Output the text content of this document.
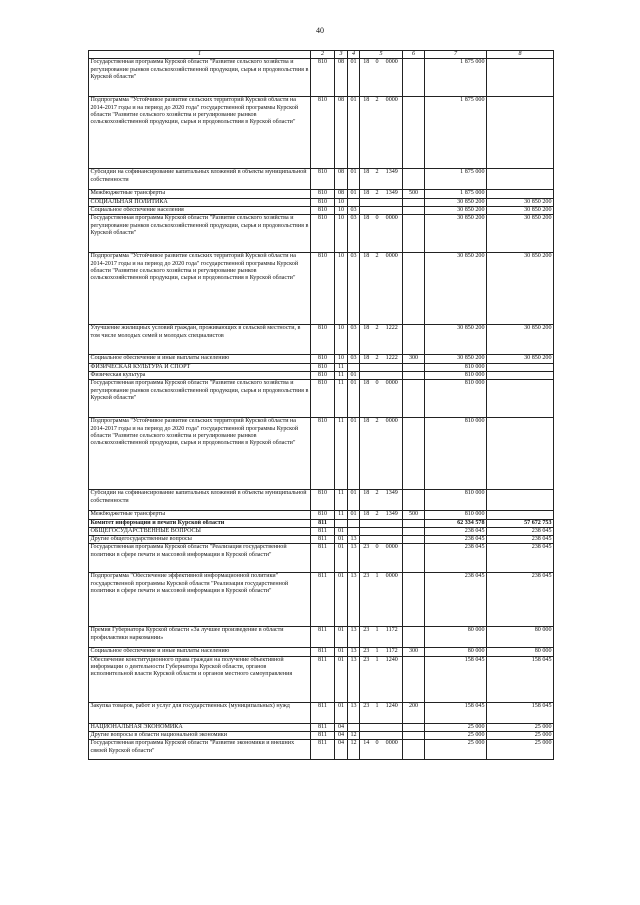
40
1	2	3	4	5			6	7	8
Государственная программа Курской области "Развитие сельского хозяйства и регулирование рынков сельскохозяйственной продукции, сырья и продовольствия в Курской области"	810	08	01	18	0	0000		1 875 000	
Подпрограмма "Устойчивое развитие сельских территорий Курской области на 2014-2017 годы и на период до 2020 года" государственной программы Курской области "Развитие сельского хозяйства и регулирование рынков сельскохозяйственной продукции, сырья и продовольствия в Курской области"	810	08	01	18	2	0000		1 875 000	
Субсидии на софинансирование капитальных вложений в объекты муниципальной собственности	810	08	01	18	2	1349		1 875 000	
Межбюджетные трансферты	810	08	01	18	2	1349	500	1 875 000	
СОЦИАЛЬНАЯ ПОЛИТИКА	810	10						30 850 200	30 850 200
Социальное обеспечение населения	810	10	03					30 850 200	30 850 200
Государственная программа Курской области "Развитие сельского хозяйства и регулирование рынков сельскохозяйственной продукции, сырья и продовольствия в Курской области"	810	10	03	18	0	0000		30 850 200	30 850 200
Подпрограмма "Устойчивое развитие сельских территорий Курской области на 2014-2017 годы и на период до 2020 года" государственной программы Курской области "Развитие сельского хозяйства и регулирование рынков сельскохозяйственной продукции, сырья и продовольствия в Курской области"	810	10	03	18	2	0000		30 850 200	30 850 200
Улучшение жилищных условий граждан, проживающих в сельской местности, в том числе молодых семей и молодых специалистов	810	10	03	18	2	1222		30 850 200	30 850 200
Социальное обеспечение и иные выплаты населению	810	10	03	18	2	1222	300	30 850 200	30 850 200
ФИЗИЧЕСКАЯ КУЛЬТУРА И СПОРТ	810	11						810 000	
Физическая культура	810	11	01					810 000	
Государственная программа Курской области "Развитие сельского хозяйства и регулирование рынков сельскохозяйственной продукции, сырья и продовольствия в Курской области"	810	11	01	18	0	0000		810 000	
Подпрограмма "Устойчивое развитие сельских территорий Курской области на 2014-2017 годы и на период до 2020 года" государственной программы Курской области "Развитие сельского хозяйства и регулирование рынков сельскохозяйственной продукции, сырья и продовольствия в Курской области"	810	11	01	18	2	0000		810 000	
Субсидии на софинансирование капитальных вложений в объекты муниципальной собственности	810	11	01	18	2	1349		810 000	
Межбюджетные трансферты	810	11	01	18	2	1349	500	810 000	
Комитет информации и печати Курской области	811							62 334 578	57 672 753
ОБЩЕГОСУДАРСТВЕННЫЕ ВОПРОСЫ	811	01						238 045	238 045
Другие общегосударственные вопросы	811	01	13					238 045	238 045
Государственная программа Курской области "Реализация государственной политики в сфере печати и массовой информации в Курской области"	811	01	13	23	0	0000		238 045	238 045
Подпрограмма "Обеспечение эффективной информационной политики" государственной программы Курской области "Реализация государственной политики в сфере печати и массовой информации в Курской области"	811	01	13	23	1	0000		238 045	238 045
Премия Губернатора Курской области «За лучшее произведение в области профилактики наркомании»	811	01	13	23	1	1172		80 000	80 000
Социальное обеспечение и иные выплаты населению	811	01	13	23	1	1172	300	80 000	80 000
Обеспечение конституционного права граждан на получение объективной информации о деятельности Губернатора Курской области, органов исполнительной власти Курской области и органов местного самоуправления	811	01	13	23	1	1240		158 045	158 045
Закупка товаров, работ и услуг для государственных (муниципальных) нужд	811	01	13	23	1	1240	200	158 045	158 045
НАЦИОНАЛЬНАЯ ЭКОНОМИКА	811	04						25 000	25 000
Другие вопросы в области национальной экономики	811	04	12					25 000	25 000
Государственная программа Курской области "Развитие экономики и внешних связей Курской области"	811	04	12	14	0	0000		25 000	25 000
